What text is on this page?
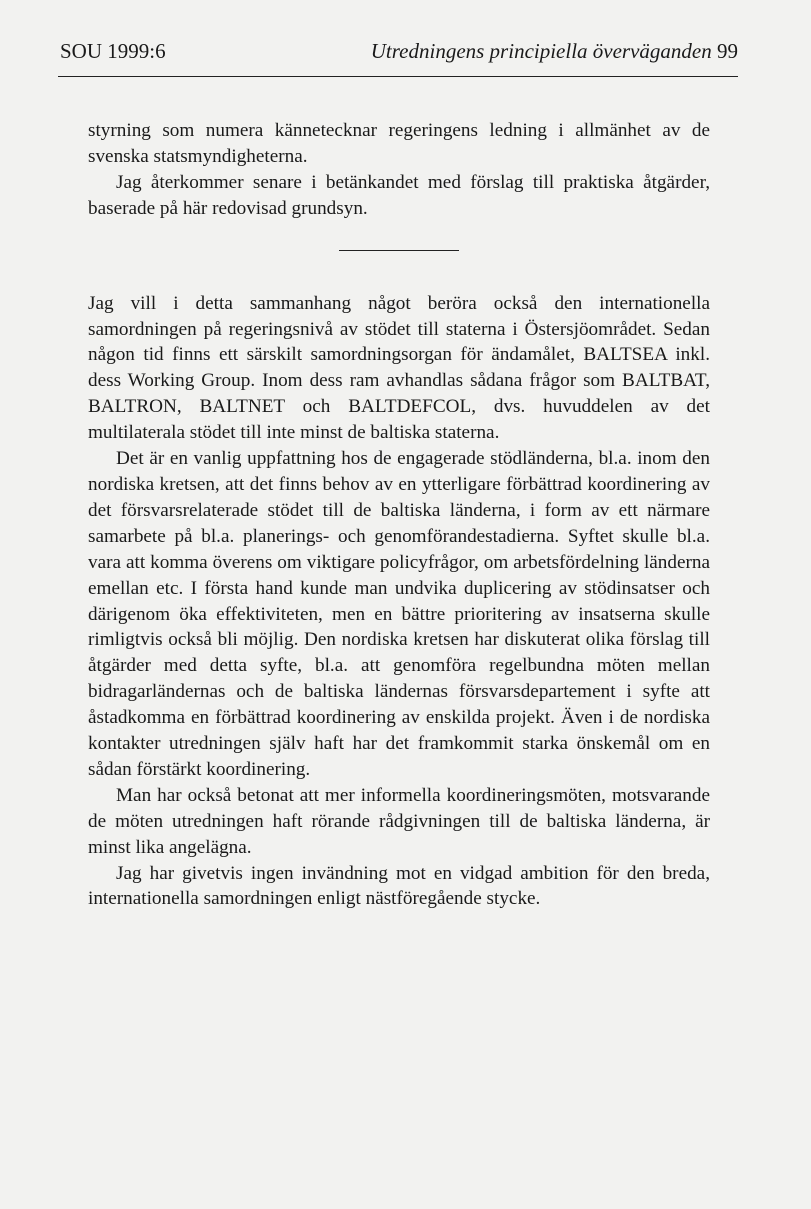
SOU 1999:6	Utredningens principiella överväganden 99

styrning som numera kännetecknar regeringens ledning i allmänhet av de svenska statsmyndigheterna.

Jag återkommer senare i betänkandet med förslag till praktiska åtgärder, baserade på här redovisad grundsyn.

Jag vill i detta sammanhang något beröra också den internationella samordningen på regeringsnivå av stödet till staterna i Östersjöområdet. Sedan någon tid finns ett särskilt samordningsorgan för ändamålet, BALTSEA inkl. dess Working Group. Inom dess ram avhandlas sådana frågor som BALTBAT, BALTRON, BALTNET och BALTDEFCOL, dvs. huvuddelen av det multilaterala stödet till inte minst de baltiska staterna.

Det är en vanlig uppfattning hos de engagerade stödländerna, bl.a. inom den nordiska kretsen, att det finns behov av en ytterligare förbättrad koordinering av det försvarsrelaterade stödet till de baltiska länderna, i form av ett närmare samarbete på bl.a. planerings- och genomförandestadierna. Syftet skulle bl.a. vara att komma överens om viktigare policyfrågor, om arbetsfördelning länderna emellan etc. I första hand kunde man undvika duplicering av stödinsatser och därigenom öka effektiviteten, men en bättre prioritering av insatserna skulle rimligtvis också bli möjlig. Den nordiska kretsen har diskuterat olika förslag till åtgärder med detta syfte, bl.a. att genomföra regelbundna möten mellan bidragarländernas och de baltiska ländernas försvarsdepartement i syfte att åstadkomma en förbättrad koordinering av enskilda projekt. Även i de nordiska kontakter utredningen själv haft har det framkommit starka önskemål om en sådan förstärkt koordinering.

Man har också betonat att mer informella koordineringsmöten, motsvarande de möten utredningen haft rörande rådgivningen till de baltiska länderna, är minst lika angelägna.

Jag har givetvis ingen invändning mot en vidgad ambition för den breda, internationella samordningen enligt nästföregående stycke.
